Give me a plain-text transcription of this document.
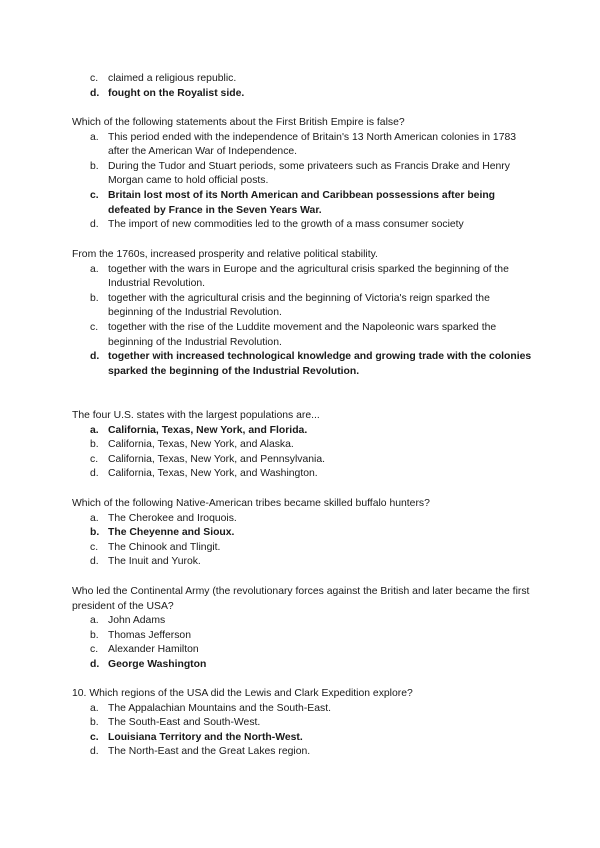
c. claimed a religious republic.
d. fought on the Royalist side.

Which of the following statements about the First British Empire is false?

a. This period ended with the independence of Britain's 13 North American colonies in 1783 after the American War of Independence.
b. During the Tudor and Stuart periods, some privateers such as Francis Drake and Henry Morgan came to hold official posts.
c. Britain lost most of its North American and Caribbean possessions after being defeated by France in the Seven Years War.
d. The import of new commodities led to the growth of a mass consumer society

From the 1760s, increased prosperity and relative political stability.

a. together with the wars in Europe and the agricultural crisis sparked the beginning of the Industrial Revolution.
b. together with the agricultural crisis and the beginning of Victoria's reign sparked the beginning of the Industrial Revolution.
c. together with the rise of the Luddite movement and the Napoleonic wars sparked the beginning of the Industrial Revolution.
d. together with increased technological knowledge and growing trade with the colonies sparked the beginning of the Industrial Revolution.

The four U.S. states with the largest populations are...

a. California, Texas, New York, and Florida.
b. California, Texas, New York, and Alaska.
c. California, Texas, New York, and Pennsylvania.
d. California, Texas, New York, and Washington.

Which of the following Native-American tribes became skilled buffalo hunters?

a. The Cherokee and Iroquois.
b. The Cheyenne and Sioux.
c. The Chinook and Tlingit.
d. The Inuit and Yurok.

Who led the Continental Army (the revolutionary forces against the British and later became the first president of the USA?

a. John Adams
b. Thomas Jefferson
c. Alexander Hamilton
d. George Washington

10. Which regions of the USA did the Lewis and Clark Expedition explore?

a. The Appalachian Mountains and the South-East.
b. The South-East and South-West.
c. Louisiana Territory and the North-West.
d. The North-East and the Great Lakes region.
